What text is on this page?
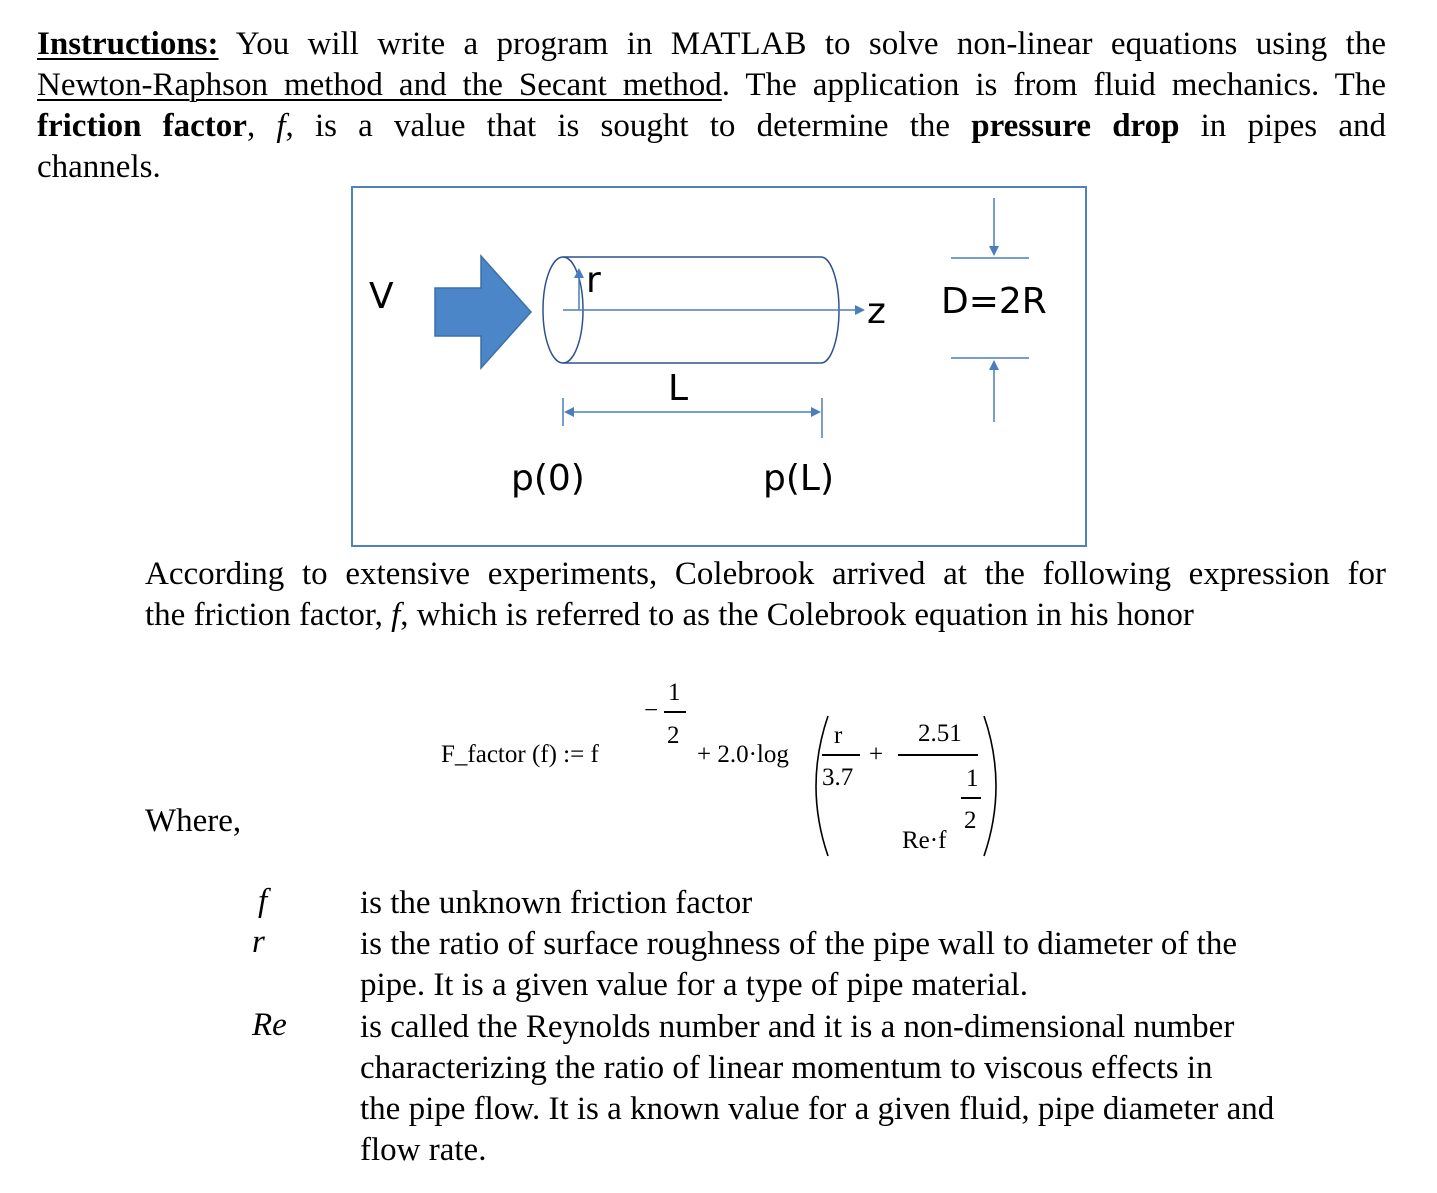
Instructions: You will write a program in MATLAB to solve non-linear equations using the
Newton-Raphson method and the Secant method. The application is from fluid mechanics. The
friction factor, f, is a value that is sought to determine the pressure drop in pipes and
channels.
V	r
z D=2R
L
p(0)	p(L)
According to extensive experiments, Colebrook arrived at the following expression for
the friction factor, f, which is referred to as the Colebrook equation in his honor
F_factor (f) := f
−
1
2
+ 2.0·log
r
3.7
+
2.51
1
2
Re·f
Where,
f	is the unknown friction factor
r	is the ratio of surface roughness of the pipe wall to diameter of the
pipe. It is a given value for a type of pipe material.
Re is called the Reynolds number and it is a non-dimensional number
characterizing the ratio of linear momentum to viscous effects in
the pipe flow. It is a known value for a given fluid, pipe diameter and
flow rate.
